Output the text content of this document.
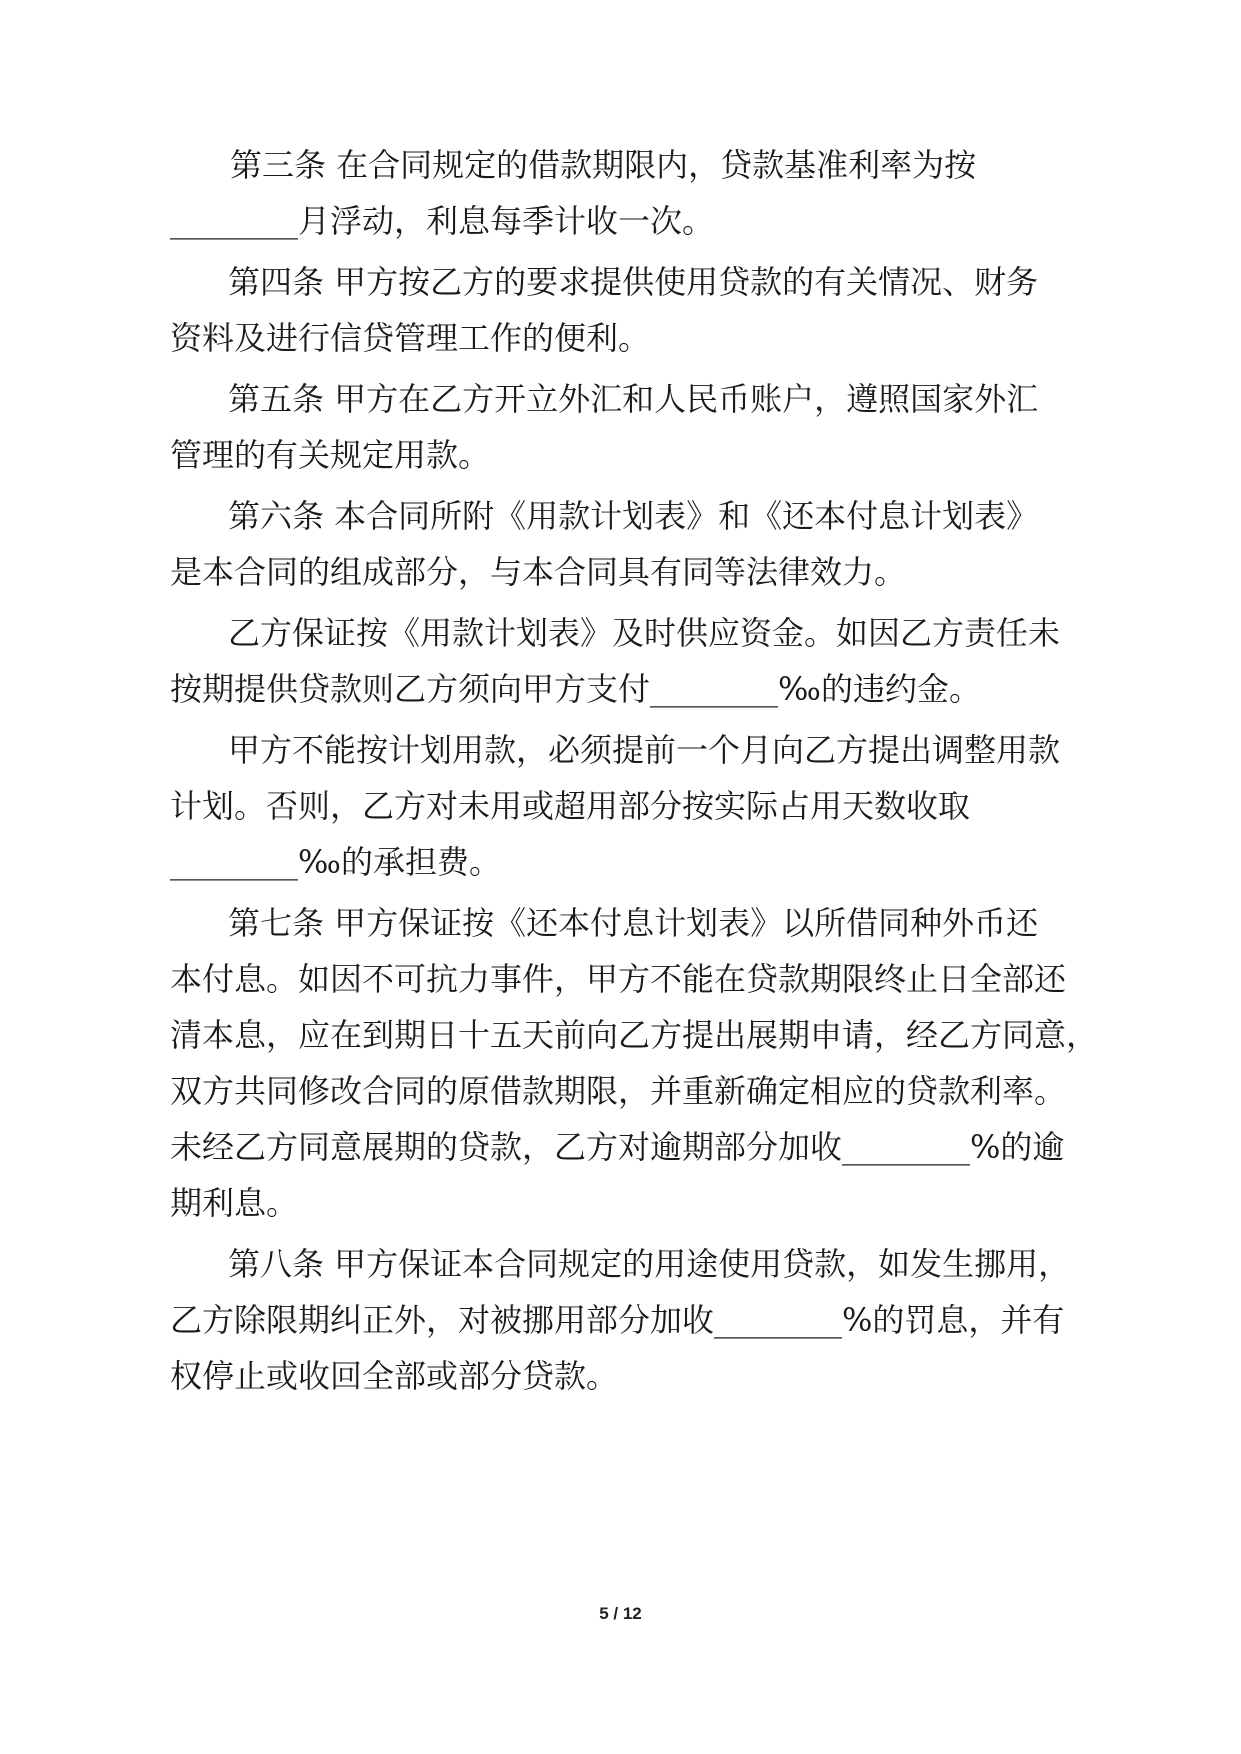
第三条 在合同规定的借款期限内，贷款基准利率为按
________月浮动，利息每季计收一次。
第四条 甲方按乙方的要求提供使用贷款的有关情况、财务
资料及进行信贷管理工作的便利。
第五条 甲方在乙方开立外汇和人民币账户，遵照国家外汇
管理的有关规定用款。
第六条 本合同所附《用款计划表》和《还本付息计划表》
是本合同的组成部分，与本合同具有同等法律效力。
乙方保证按《用款计划表》及时供应资金。如因乙方责任未
按期提供贷款则乙方须向甲方支付________‰的违约金。
甲方不能按计划用款，必须提前一个月向乙方提出调整用款
计划。否则，乙方对未用或超用部分按实际占用天数收取
________‰的承担费。
第七条 甲方保证按《还本付息计划表》以所借同种外币还
本付息。如因不可抗力事件，甲方不能在贷款期限终止日全部还
清本息，应在到期日十五天前向乙方提出展期申请，经乙方同意，
双方共同修改合同的原借款期限，并重新确定相应的贷款利率。
未经乙方同意展期的贷款，乙方对逾期部分加收________%的逾
期利息。
第八条 甲方保证本合同规定的用途使用贷款，如发生挪用，
乙方除限期纠正外，对被挪用部分加收________%的罚息，并有
权停止或收回全部或部分贷款。
5 / 12
